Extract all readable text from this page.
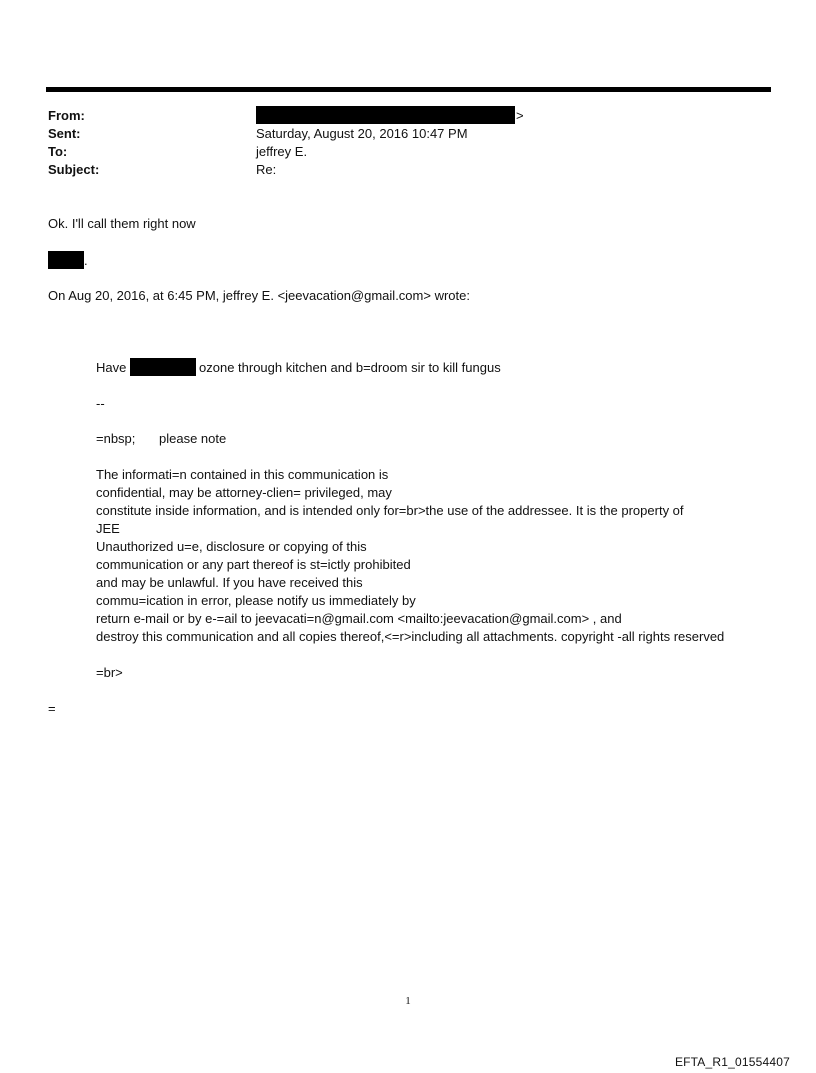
From:	>
Sent:	Saturday, August 20, 2016 10:47 PM
To:	jeffrey E.
Subject:	Re:
Ok. I'll call them right now
.
On Aug 20, 2016, at 6:45 PM, jeffrey E. <jeevacation@gmail.com> wrote:
Have	ozone through kitchen and b=droom sir to kill fungus
--
=nbsp; please note
The informati=n contained in this communication is
confidential, may be attorney-clien= privileged, may
constitute inside information, and is intended only for=br>the use of the addressee. It is the property of
JEE
Unauthorized u=e, disclosure or copying of this
communication or any part thereof is st=ictly prohibited
and may be unlawful. If you have received this
commu=ication in error, please notify us immediately by
return e-mail or by e-=ail to jeevacati=n@gmail.com <mailto:jeevacation@gmail.com> , and
destroy this communication and all copies thereof,<=r>including all attachments. copyright -all rights reserved
=br>
=
1
EFTA_R1_01554407
